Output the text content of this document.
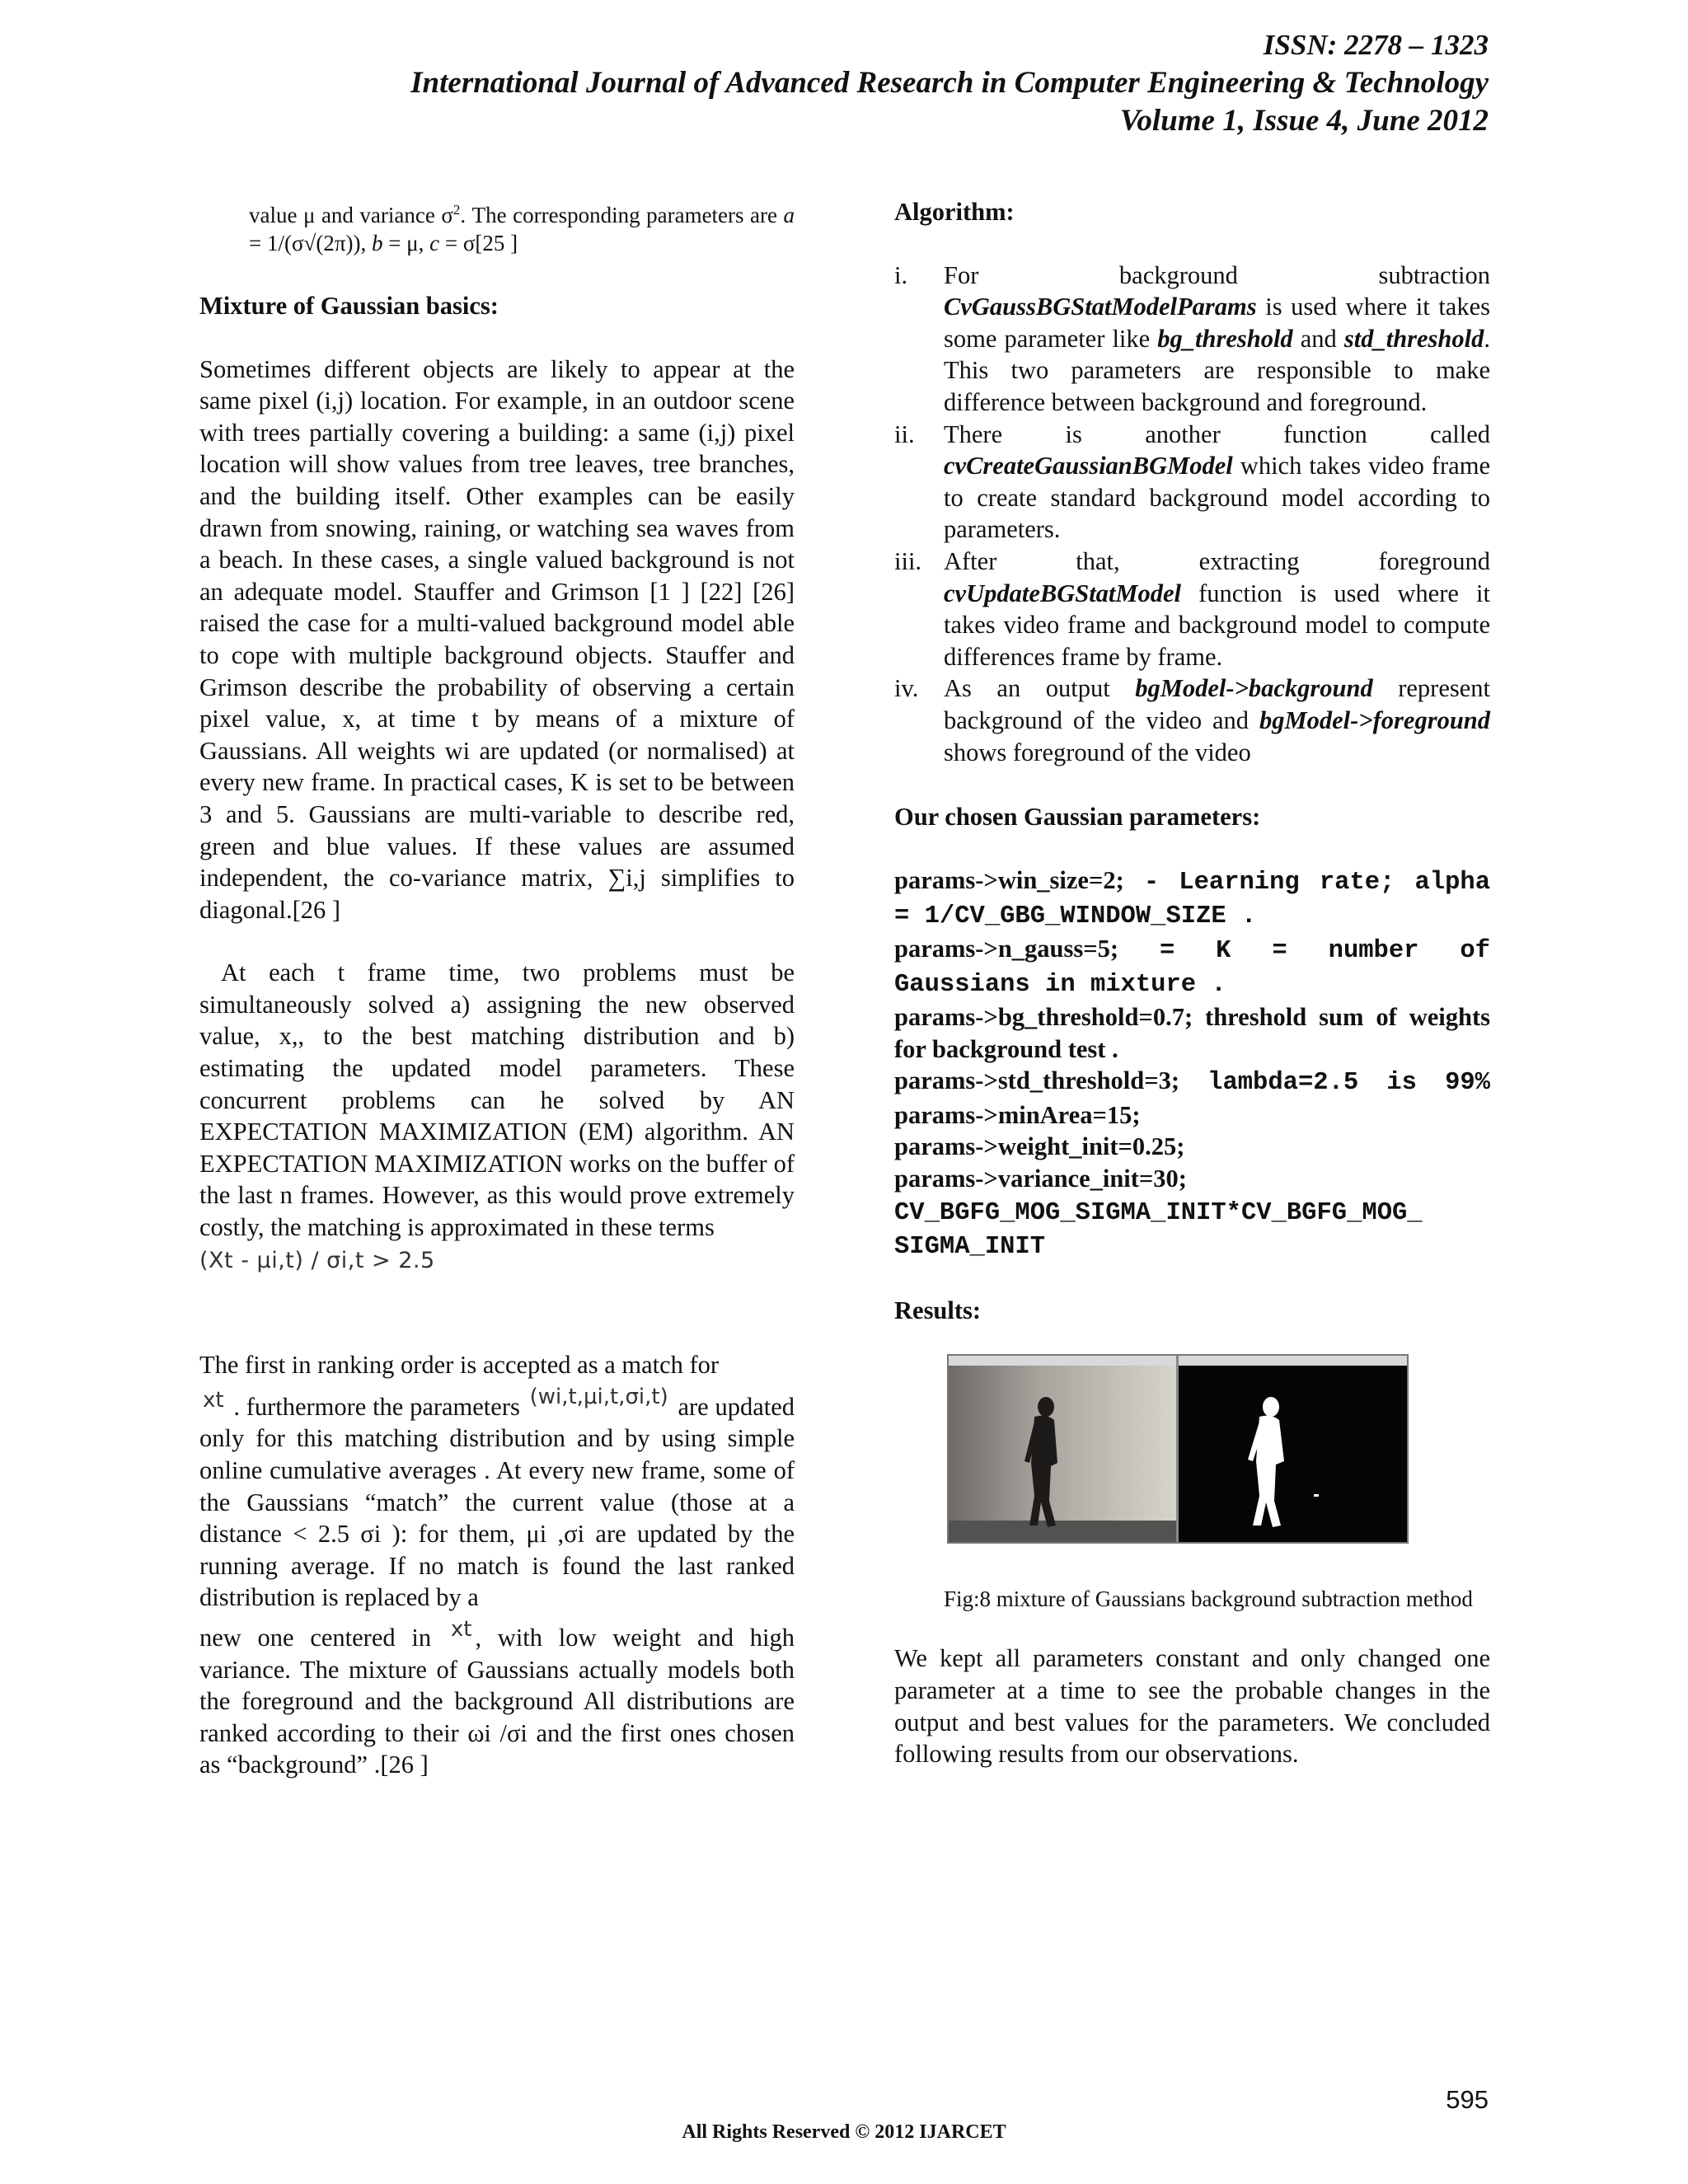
ISSN: 2278 – 1323
International Journal of Advanced Research in Computer Engineering & Technology
Volume 1, Issue 4, June 2012

value μ and variance $\sigma^2$. The corresponding parameters are a = 1/(σ√(2π)), b = μ, c = σ[25 ]

Mixture of Gaussian basics:

Sometimes different objects are likely to appear at the same pixel (i,j) location. For example, in an outdoor scene with trees partially covering a building: a same (i,j) pixel location will show values from tree leaves, tree branches, and the building itself. Other examples can be easily drawn from snowing, raining, or watching sea waves from a beach. In these cases, a single valued background is not an adequate model. Stauffer and Grimson [1 ] [22] [26] raised the case for a multi-valued background model able to cope with multiple background objects. Stauffer and Grimson describe the probability of observing a certain pixel value, x, at time t by means of a mixture of Gaussians. All weights wi are updated (or normalised) at every new frame. In practical cases, K is set to be between 3 and 5. Gaussians are multi-variable to describe red, green and blue values. If these values are assumed independent, the co-variance matrix, ∑i,j simplifies to diagonal.[26 ]

At each t frame time, two problems must be simultaneously solved a) assigning the new observed value, x,, to the best matching distribution and b) estimating the updated model parameters. These concurrent problems can he solved by AN EXPECTATION MAXIMIZATION (EM) algorithm. AN EXPECTATION MAXIMIZATION works on the buffer of the last n frames. However, as this would prove extremely costly, the matching is approximated in these terms

(Xt - μi,t) / σi,t > 2.5

The first in ranking order is accepted as a match for
xt . furthermore the parameters (wi,t,μi,t,σi,t) are updated only for this matching distribution and by using simple online cumulative averages . At every new frame, some of the Gaussians “match” the current value (those at a distance < 2.5 σi ): for them, μi ,σi are updated by the running average. If no match is found the last ranked distribution is replaced by a
new one centered in xt , with low weight and high variance. The mixture of Gaussians actually models both the foreground and the background All distributions are ranked according to their ωi /σi and the first ones chosen as “background” .[26 ]

Algorithm:

i. For background subtraction CvGaussBGStatModelParams is used where it takes some parameter like bg_threshold and std_threshold. This two parameters are responsible to make difference between background and foreground.
ii. There is another function called cvCreateGaussianBGModel which takes video frame to create standard background model according to parameters.
iii. After that, extracting foreground cvUpdateBGStatModel function is used where it takes video frame and background model to compute differences frame by frame.
iv. As an output bgModel->background represent background of the video and bgModel->foreground shows foreground of the video

Our chosen Gaussian parameters:

params->win_size=2; - Learning rate; alpha = 1/CV_GBG_WINDOW_SIZE .

params->n_gauss=5; = K = number of Gaussians in mixture .

params->bg_threshold=0.7; threshold sum of weights for background test .

params->std_threshold=3; lambda=2.5 is 99% params->minArea=15;

params->weight_init=0.25;

params->variance_init=30;

CV_BGFG_MOG_SIGMA_INIT*CV_BGFG_MOG_ SIGMA_INIT

Results:

Fig:8 mixture of Gaussians background subtraction method

We kept all parameters constant and only changed one parameter at a time to see the probable changes in the output and best values for the parameters. We concluded following results from our observations.

595
All Rights Reserved © 2012 IJARCET
